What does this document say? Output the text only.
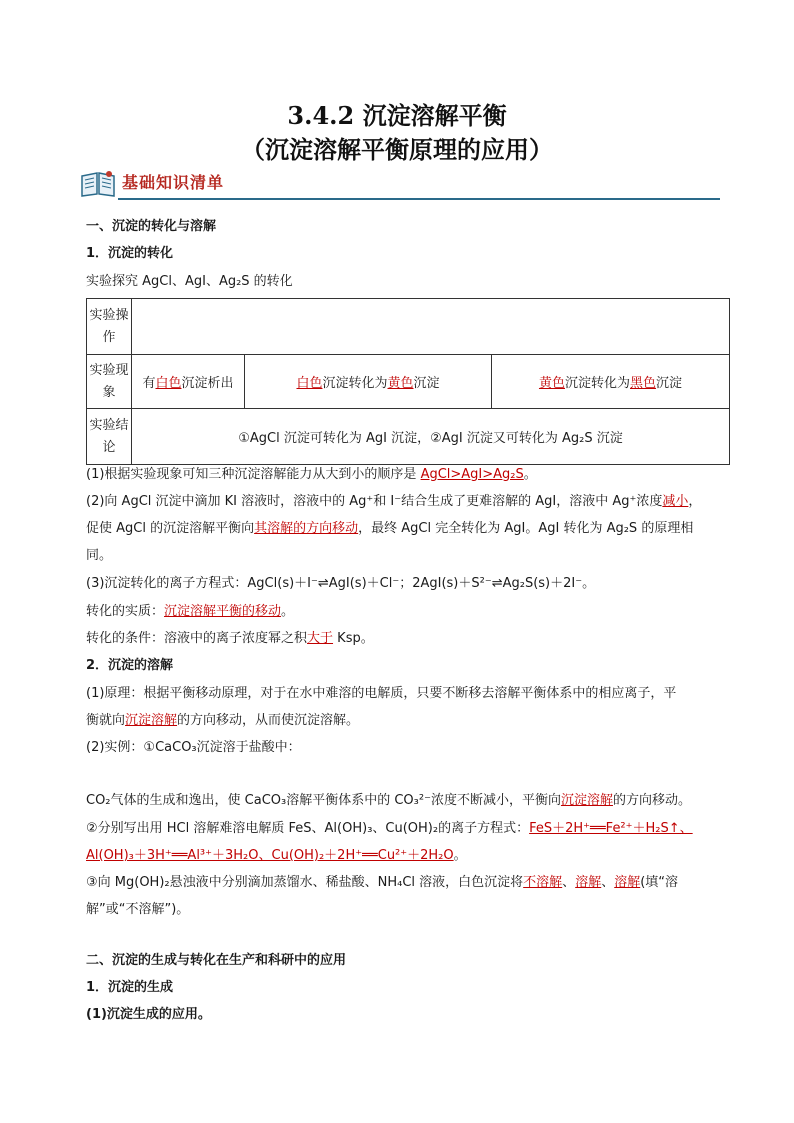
3.4.2 沉淀溶解平衡
（沉淀溶解平衡原理的应用）
基础知识清单
一、沉淀的转化与溶解
1．沉淀的转化
实验探究 AgCl、AgI、Ag₂S 的转化
实验操作			
实验现象	有白色沉淀析出	白色沉淀转化为黄色沉淀	黄色沉淀转化为黑色沉淀
实验结论	①AgCl 沉淀可转化为 AgI 沉淀，②AgI 沉淀又可转化为 Ag₂S 沉淀		
(1)根据实验现象可知三种沉淀溶解能力从大到小的顺序是 AgCl>AgI>Ag₂S。
(2)向 AgCl 沉淀中滴加 KI 溶液时，溶液中的 Ag⁺和 I⁻结合生成了更难溶解的 AgI，溶液中 Ag⁺浓度减小，
促使 AgCl 的沉淀溶解平衡向其溶解的方向移动，最终 AgCl 完全转化为 AgI。AgI 转化为 Ag₂S 的原理相
同。
(3)沉淀转化的离子方程式：AgCl(s)＋I⁻⇌AgI(s)＋Cl⁻；2AgI(s)＋S²⁻⇌Ag₂S(s)＋2I⁻。
转化的实质：沉淀溶解平衡的移动。
转化的条件：溶液中的离子浓度幂之积大于 Ksp。
2．沉淀的溶解
(1)原理：根据平衡移动原理，对于在水中难溶的电解质，只要不断移去溶解平衡体系中的相应离子，平
衡就向沉淀溶解的方向移动，从而使沉淀溶解。
(2)实例：①CaCO₃沉淀溶于盐酸中：
CO₂气体的生成和逸出，使 CaCO₃溶解平衡体系中的 CO₃²⁻浓度不断减小，平衡向沉淀溶解的方向移动。
②分别写出用 HCl 溶解难溶电解质 FeS、Al(OH)₃、Cu(OH)₂的离子方程式：FeS＋2H⁺══Fe²⁺＋H₂S↑、
Al(OH)₃＋3H⁺══Al³⁺＋3H₂O、Cu(OH)₂＋2H⁺══Cu²⁺＋2H₂O。
③向 Mg(OH)₂悬浊液中分别滴加蒸馏水、稀盐酸、NH₄Cl 溶液，白色沉淀将不溶解、溶解、溶解(填“溶
解”或“不溶解”)。
二、沉淀的生成与转化在生产和科研中的应用
1．沉淀的生成
(1)沉淀生成的应用。
